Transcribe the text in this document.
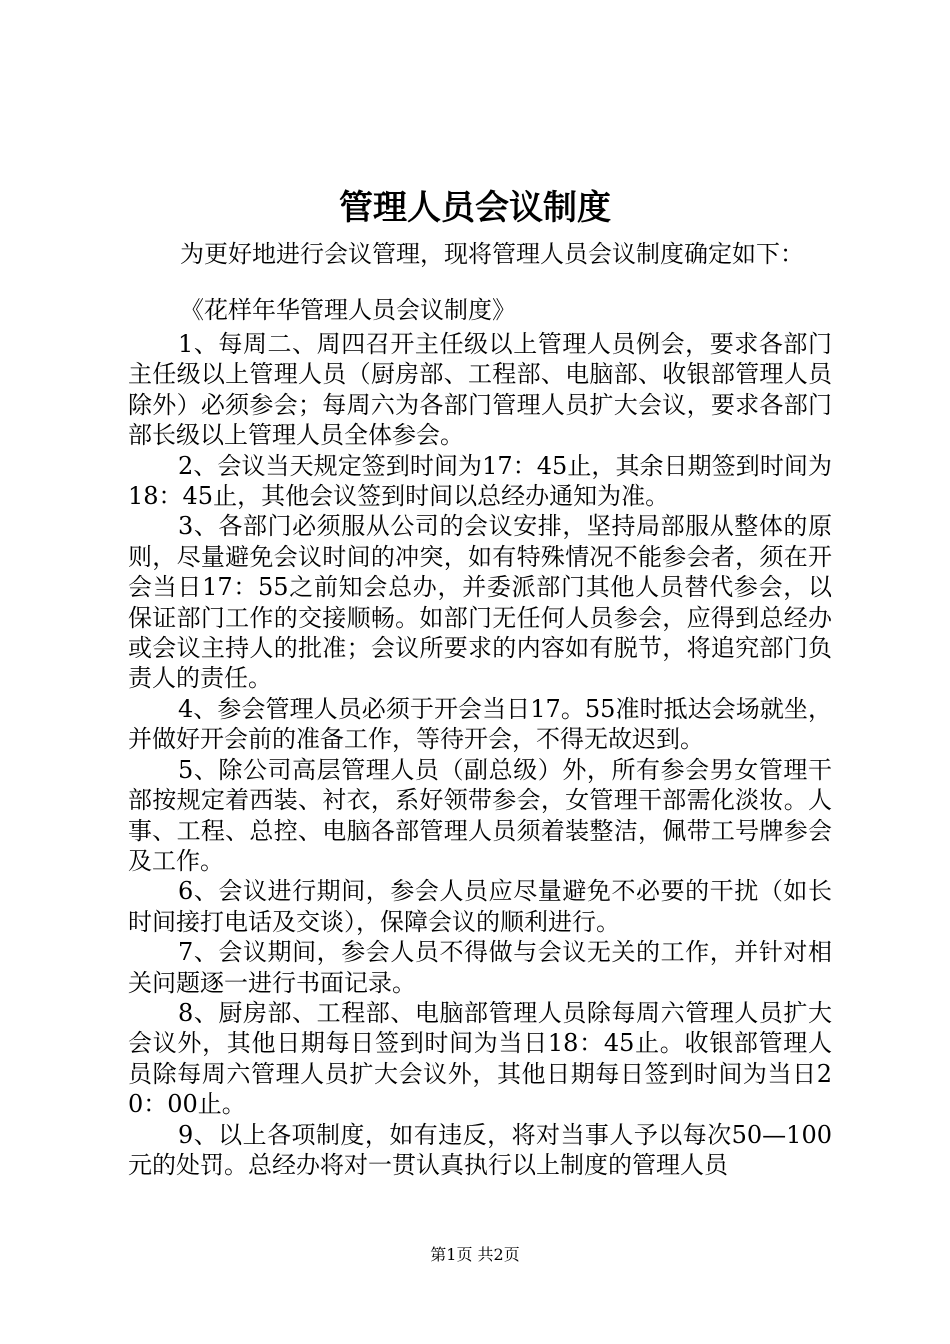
管理人员会议制度
为更好地进行会议管理，现将管理人员会议制度确定如下：
《花样年华管理人员会议制度》

1、每周二、周四召开主任级以上管理人员例会，要求各部门主任级以上管理人员（厨房部、工程部、电脑部、收银部管理人员除外）必须参会；每周六为各部门管理人员扩大会议，要求各部门部长级以上管理人员全体参会。

2、会议当天规定签到时间为17：45止，其余日期签到时间为18：45止，其他会议签到时间以总经办通知为准。

3、各部门必须服从公司的会议安排，坚持局部服从整体的原则，尽量避免会议时间的冲突，如有特殊情况不能参会者，须在开会当日17：55之前知会总办，并委派部门其他人员替代参会，以保证部门工作的交接顺畅。如部门无任何人员参会，应得到总经办或会议主持人的批准；会议所要求的内容如有脱节，将追究部门负责人的责任。

4、参会管理人员必须于开会当日17。55准时抵达会场就坐，并做好开会前的准备工作，等待开会，不得无故迟到。

5、除公司高层管理人员（副总级）外，所有参会男女管理干部按规定着西装、衬衣，系好领带参会，女管理干部需化淡妆。人事、工程、总控、电脑各部管理人员须着装整洁，佩带工号牌参会及工作。

6、会议进行期间，参会人员应尽量避免不必要的干扰（如长时间接打电话及交谈），保障会议的顺利进行。

7、会议期间，参会人员不得做与会议无关的工作，并针对相关问题逐一进行书面记录。

8、厨房部、工程部、电脑部管理人员除每周六管理人员扩大会议外，其他日期每日签到时间为当日18：45止。收银部管理人员除每周六管理人员扩大会议外，其他日期每日签到时间为当日20：00止。

9、以上各项制度，如有违反，将对当事人予以每次50—100元的处罚。总经办将对一贯认真执行以上制度的管理人员

第1页 共2页
